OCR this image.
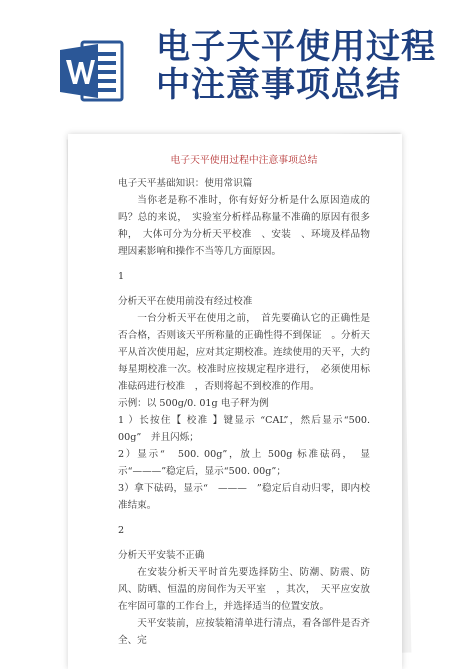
电子天平使用过程
中注意事项总结
电子天平使用过程中注意事项总结

电子天平基础知识：使用常识篇

当你老是称不准时，你有好好分析是什么原因造成的吗？总的来说，　实验室分析样品称量不准确的原因有很多种，　大体可分为分析天平校准　、安装　、环境及样品物理因素影响和操作不当等几方面原因。

1

分析天平在使用前没有经过校准

一台分析天平在使用之前，　首先要确认它的正确性是否合格，否则该天平所称量的正确性得不到保证　。分析天平从首次使用起，应对其定期校准。连续使用的天平，大约每星期校准一次。校准时应按规定程序进行，　必须使用标准砝码进行校准　，否则将起不到校准的作用。

示例：以 500g/0. 01g 电子秤为例

1 ）长按住【 校准 】键显示 “CAL”，然后显示“500. 00g”　并且闪烁；

2）显示“　500. 00g”，放上 500g 标准砝码，　显示“———”稳定后，显示“500. 00g”；

3）拿下砝码，显示“　———　”稳定后自动归零，即内校准结束。

2

分析天平安装不正确

在安装分析天平时首先要选择防尘、防潮、防震、防风、防晒、恒温的房间作为天平室　，其次，　天平应安放在牢固可靠的工作台上，并选择适当的位置安放。

天平安装前，应按装箱清单进行清点，看各部件是否齐全、完
